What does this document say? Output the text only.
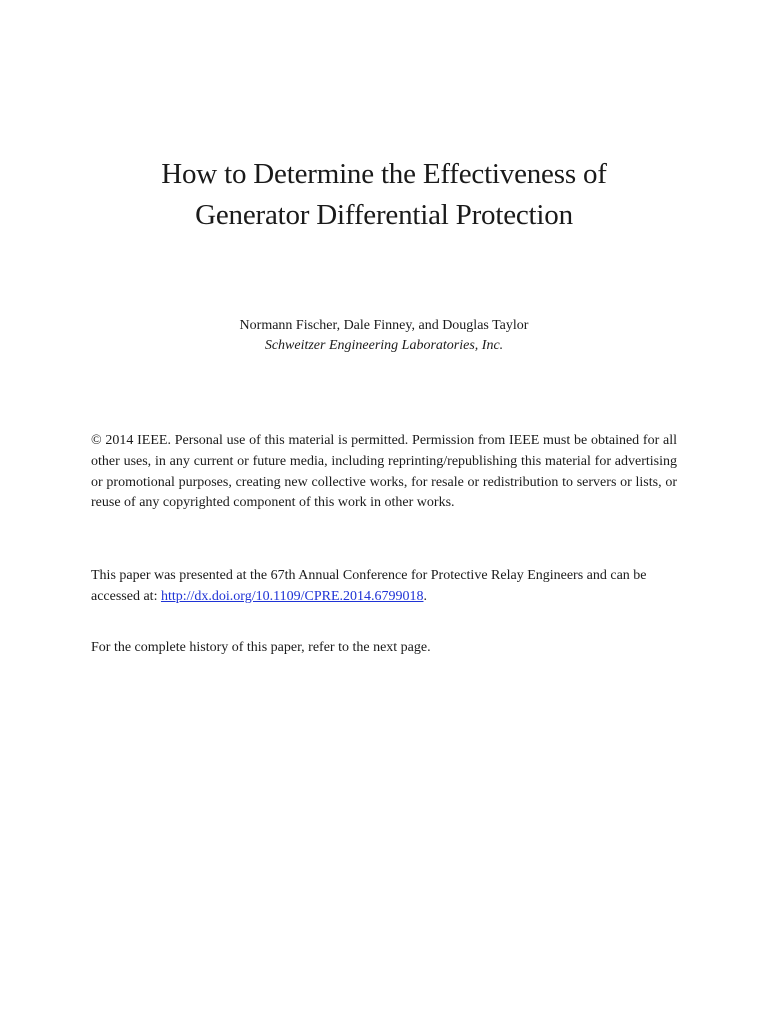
How to Determine the Effectiveness of
Generator Differential Protection
Normann Fischer, Dale Finney, and Douglas Taylor
Schweitzer Engineering Laboratories, Inc.

© 2014 IEEE. Personal use of this material is permitted. Permission from IEEE must be obtained for all other uses, in any current or future media, including reprinting/republishing this material for advertising or promotional purposes, creating new collective works, for resale or redistribution to servers or lists, or reuse of any copyrighted component of this work in other works.

This paper was presented at the 67th Annual Conference for Protective Relay Engineers and can be accessed at: http://dx.doi.org/10.1109/CPRE.2014.6799018.

For the complete history of this paper, refer to the next page.
